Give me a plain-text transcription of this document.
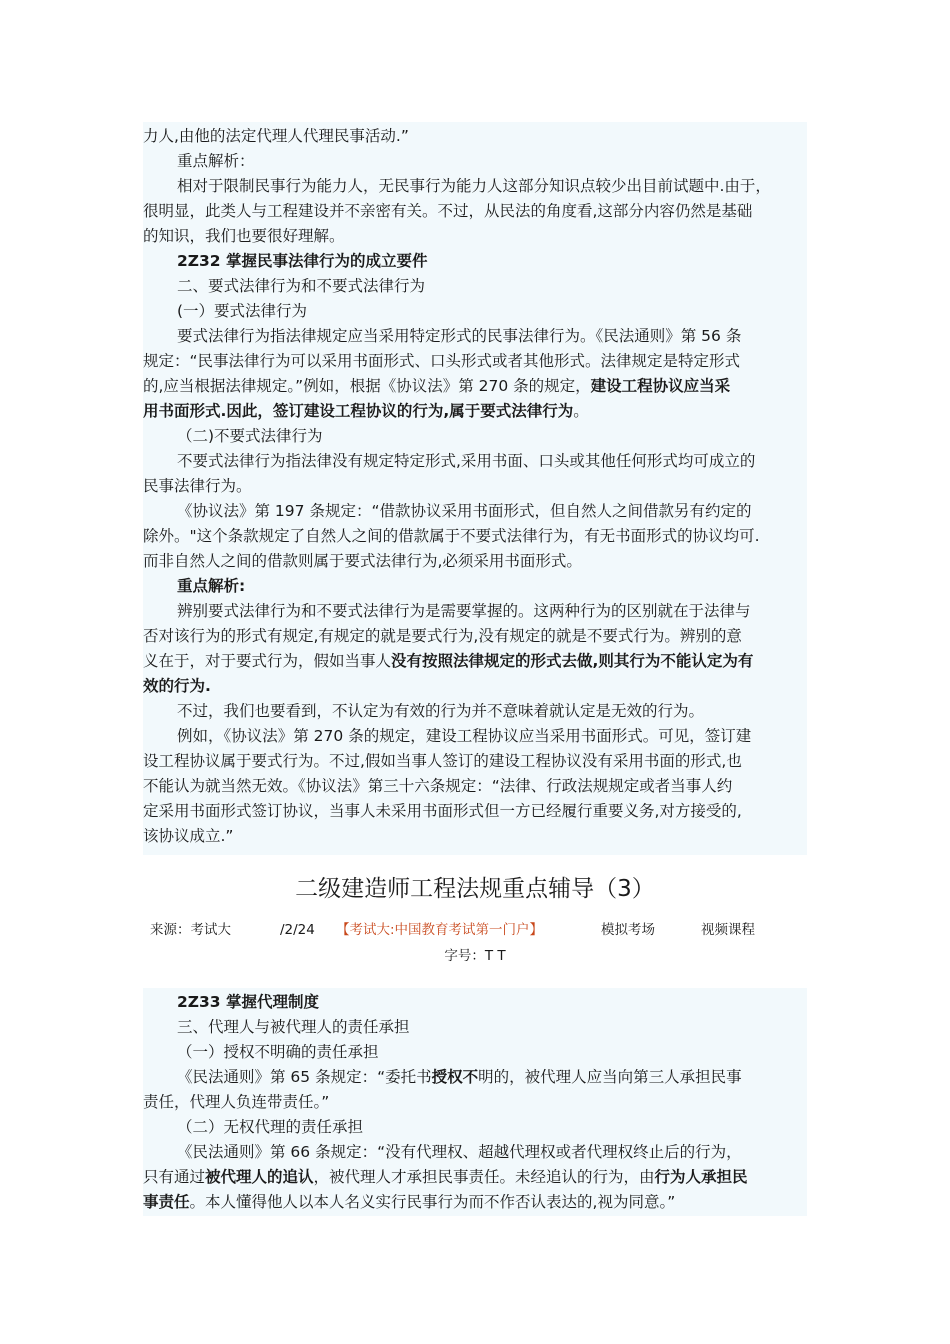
力人,由他的法定代理人代理民事活动.”
重点解析：
相对于限制民事行为能力人，无民事行为能力人这部分知识点较少出目前试题中.由于，
很明显，此类人与工程建设并不亲密有关。不过，从民法的角度看,这部分内容仍然是基础
的知识，我们也要很好理解。
2Z32 掌握民事法律行为的成立要件
二、要式法律行为和不要式法律行为
(一）要式法律行为
要式法律行为指法律规定应当采用特定形式的民事法律行为。《民法通则》第 56 条
规定：“民事法律行为可以采用书面形式、口头形式或者其他形式。法律规定是特定形式
的,应当根据法律规定。”例如，根据《协议法》第 270 条的规定，建设工程协议应当采
用书面形式.因此，签订建设工程协议的行为,属于要式法律行为。
（二)不要式法律行为
不要式法律行为指法律没有规定特定形式,采用书面、口头或其他任何形式均可成立的
民事法律行为。
《协议法》第 197 条规定：“借款协议采用书面形式，但自然人之间借款另有约定的
除外。"这个条款规定了自然人之间的借款属于不要式法律行为，有无书面形式的协议均可.
而非自然人之间的借款则属于要式法律行为,必须采用书面形式。
重点解析:
辨别要式法律行为和不要式法律行为是需要掌握的。这两种行为的区别就在于法律与
否对该行为的形式有规定,有规定的就是要式行为,没有规定的就是不要式行为。辨别的意
义在于，对于要式行为，假如当事人没有按照法律规定的形式去做,则其行为不能认定为有
效的行为.
不过，我们也要看到，不认定为有效的行为并不意味着就认定是无效的行为。
例如，《协议法》第 270 条的规定，建设工程协议应当采用书面形式。可见，签订建
设工程协议属于要式行为。不过,假如当事人签订的建设工程协议没有采用书面的形式,也
不能认为就当然无效。《协议法》第三十六条规定：“法律、行政法规规定或者当事人约
定采用书面形式签订协议，当事人未采用书面形式但一方已经履行重要义务,对方接受的,
该协议成立.”
二级建造师工程法规重点辅导（3）
来源：考试大	/2/24 【考试大:中国教育考试第一门户】	模拟考场	视频课程
字号：T T
2Z33 掌握代理制度
三、代理人与被代理人的责任承担
（一）授权不明确的责任承担
《民法通则》第 65 条规定：“委托书授权不明的，被代理人应当向第三人承担民事
责任，代理人负连带责任。”
（二）无权代理的责任承担
《民法通则》第 66 条规定：“没有代理权、超越代理权或者代理权终止后的行为，
只有通过被代理人的追认，被代理人才承担民事责任。未经追认的行为，由行为人承担民
事责任。本人懂得他人以本人名义实行民事行为而不作否认表达的,视为同意。”
